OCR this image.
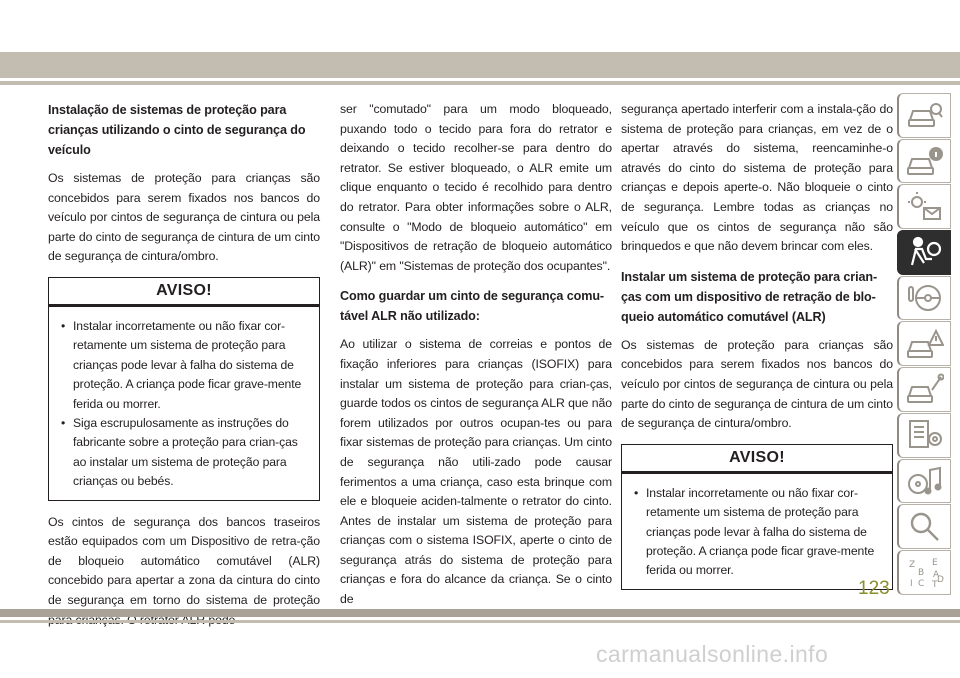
Instalação de sistemas de proteção para crianças utilizando o cinto de segurança do veículo

Os sistemas de proteção para crianças são concebidos para serem fixados nos bancos do veículo por cintos de segurança de cintura ou pela parte do cinto de segurança de cintura de um cinto de segurança de cintura/ombro.

AVISO!
• Instalar incorretamente ou não fixar cor-retamente um sistema de proteção para crianças pode levar à falha do sistema de proteção. A criança pode ficar grave-mente ferida ou morrer.
• Siga escrupulosamente as instruções do fabricante sobre a proteção para crian-ças ao instalar um sistema de proteção para crianças ou bebés.

Os cintos de segurança dos bancos traseiros estão equipados com um Dispositivo de retra-ção de bloqueio automático comutável (ALR) concebido para apertar a zona da cintura do cinto de segurança em torno do sistema de proteção

ser "comutado" para um modo bloqueado, puxando todo o tecido para fora do retrator e deixando o tecido recolher-se para dentro do retrator. Se estiver bloqueado, o ALR emite um clique enquanto o tecido é recolhido para dentro do retrator. Para obter informações sobre o ALR, consulte o "Modo de bloqueio automático" em "Dispositivos de retração de bloqueio automático (ALR)" em "Sistemas de proteção dos ocupantes".

Como guardar um cinto de segurança comu-tável ALR não utilizado:

Ao utilizar o sistema de correias e pontos de fixação inferiores para crianças (ISOFIX) para instalar um sistema de proteção para crian-ças, guarde todos os cintos de segurança ALR que não forem utilizados por outros ocupan-tes ou para fixar sistemas de proteção para crianças. Um cinto de segurança não utili-zado pode causar ferimentos a uma criança, caso esta brinque com ele e bloqueie aciden-talmente o retrator do cinto. Antes de instalar um sistema de proteção para crianças com o sistema ISOFIX, aperte o cinto de segurança atrás do sistema de proteção para crianças e fora do alcance da criança. Se o cinto de

segurança apertado interferir com a instala-ção do sistema de proteção para crianças, em vez de o apertar através do sistema, reencaminhe-o através do cinto do sistema de proteção para crianças e depois aperte-o. Não bloqueie o cinto de segurança. Lembre todas as crianças no veículo que os cintos de segurança não são brinquedos e que não devem brincar com eles.

Instalar um sistema de proteção para crian-ças com um dispositivo de retração de blo-queio automático comutável (ALR)

Os sistemas de proteção para crianças são concebidos para serem fixados nos bancos do veículo por cintos de segurança de cintura ou pela parte do cinto de segurança de cintura de um cinto de segurança de cintura/ombro.

AVISO!
• Instalar incorretamente ou não fixar cor-retamente um sistema de proteção para crianças pode levar à falha do sistema de proteção. A criança pode ficar grave-mente ferida ou morrer.	Z E
B A
I C T D
123
carmanualsonline.info
